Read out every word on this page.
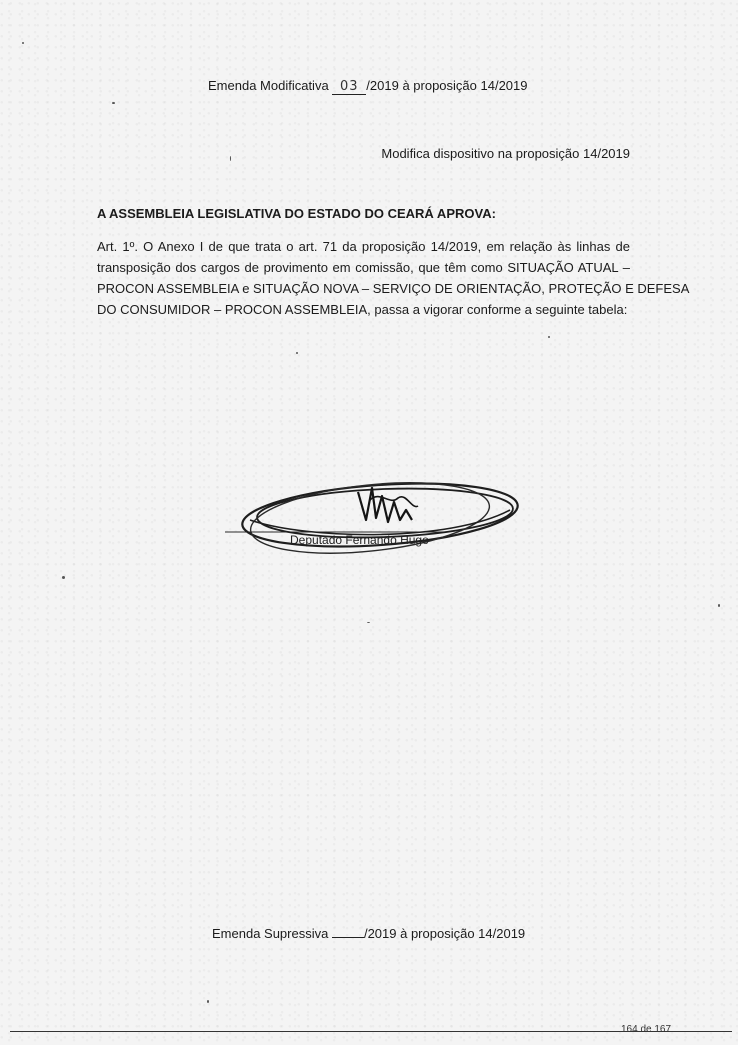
Emenda Modificativa 03 /2019 à proposição 14/2019
Modifica dispositivo na proposição 14/2019
A ASSEMBLEIA LEGISLATIVA DO ESTADO DO CEARÁ APROVA:
Art. 1º. O Anexo I de que trata o art. 71 da proposição 14/2019, em relação às linhas de
transposição dos cargos de provimento em comissão, que têm como SITUAÇÃO ATUAL –
PROCON ASSEMBLEIA e SITUAÇÃO NOVA – SERVIÇO DE ORIENTAÇÃO, PROTEÇÃO E DEFESA
DO CONSUMIDOR – PROCON ASSEMBLEIA, passa a vigorar conforme a seguinte tabela:
Deputado Fernando Hugo
Emenda Supressiva	/2019 à proposição 14/2019
164 de 167
